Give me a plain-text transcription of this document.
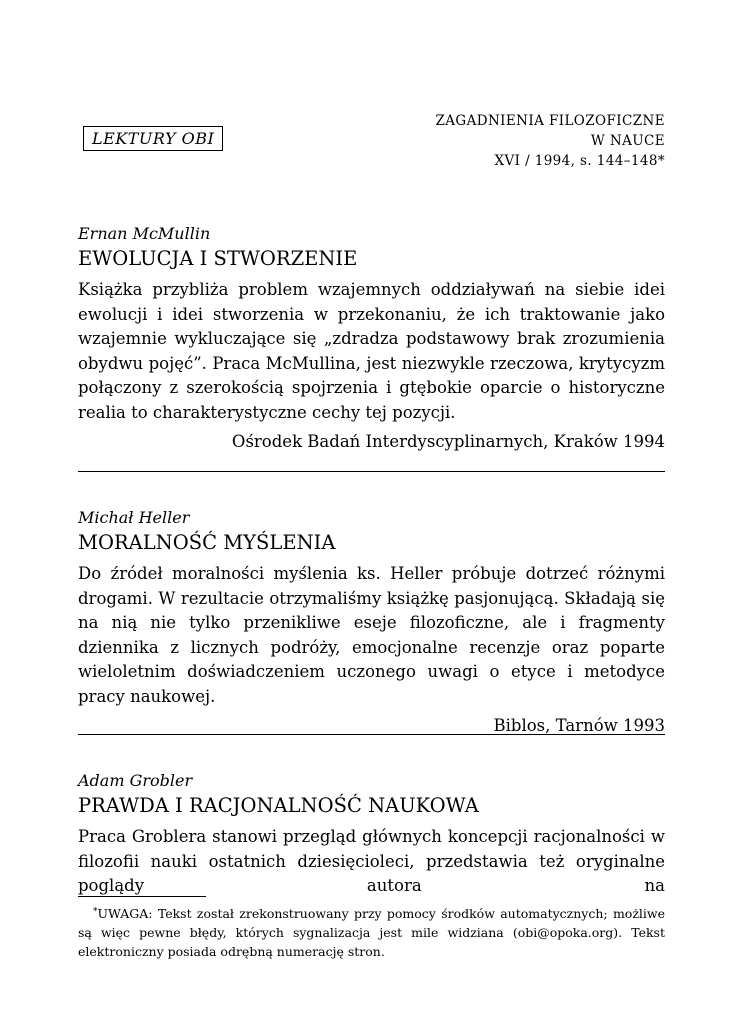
LEKTURY OBI
ZAGADNIENIA FILOZOFICZNE
W NAUCE
XVI / 1994, s. 144–148*
Ernan McMullin
EWOLUCJA I STWORZENIE
Książka przybliża problem wzajemnych oddziaływań na siebie idei ewolucji i idei stworzenia w przekonaniu, że ich traktowanie jako wzajemnie wykluczające się „zdradza podstawowy brak zrozumienia obydwu pojęć”. Praca McMullina, jest niezwykle rzeczowa, krytycyzm połączony z szerokością spojrzenia i gtębokie oparcie o historyczne realia to charakterystyczne cechy tej pozycji.
Ośrodek Badań Interdyscyplinarnych, Kraków 1994
Michał Heller
MORALNOŚĆ MYŚLENIA
Do źródeł moralności myślenia ks. Heller próbuje dotrzeć różnymi drogami. W rezultacie otrzymaliśmy książkę pasjonującą. Składają się na nią nie tylko przenikliwe eseje filozoficzne, ale i fragmenty dziennika z licznych podróży, emocjonalne recenzje oraz poparte wieloletnim doświadczeniem uczonego uwagi o etyce i metodyce pracy naukowej.
Biblos, Tarnów 1993
Adam Grobler
PRAWDA I RACJONALNOŚĆ NAUKOWA
Praca Groblera stanowi przegląd głównych koncepcji racjonalności w filozofii nauki ostatnich dziesięcioleci, przedstawia też oryginalne poglądy autora na
*UWAGA: Tekst został zrekonstruowany przy pomocy środków automatycznych; możliwe są więc pewne błędy, których sygnalizacja jest mile widziana (obi@opoka.org). Tekst elektroniczny posiada odrębną numerację stron.
